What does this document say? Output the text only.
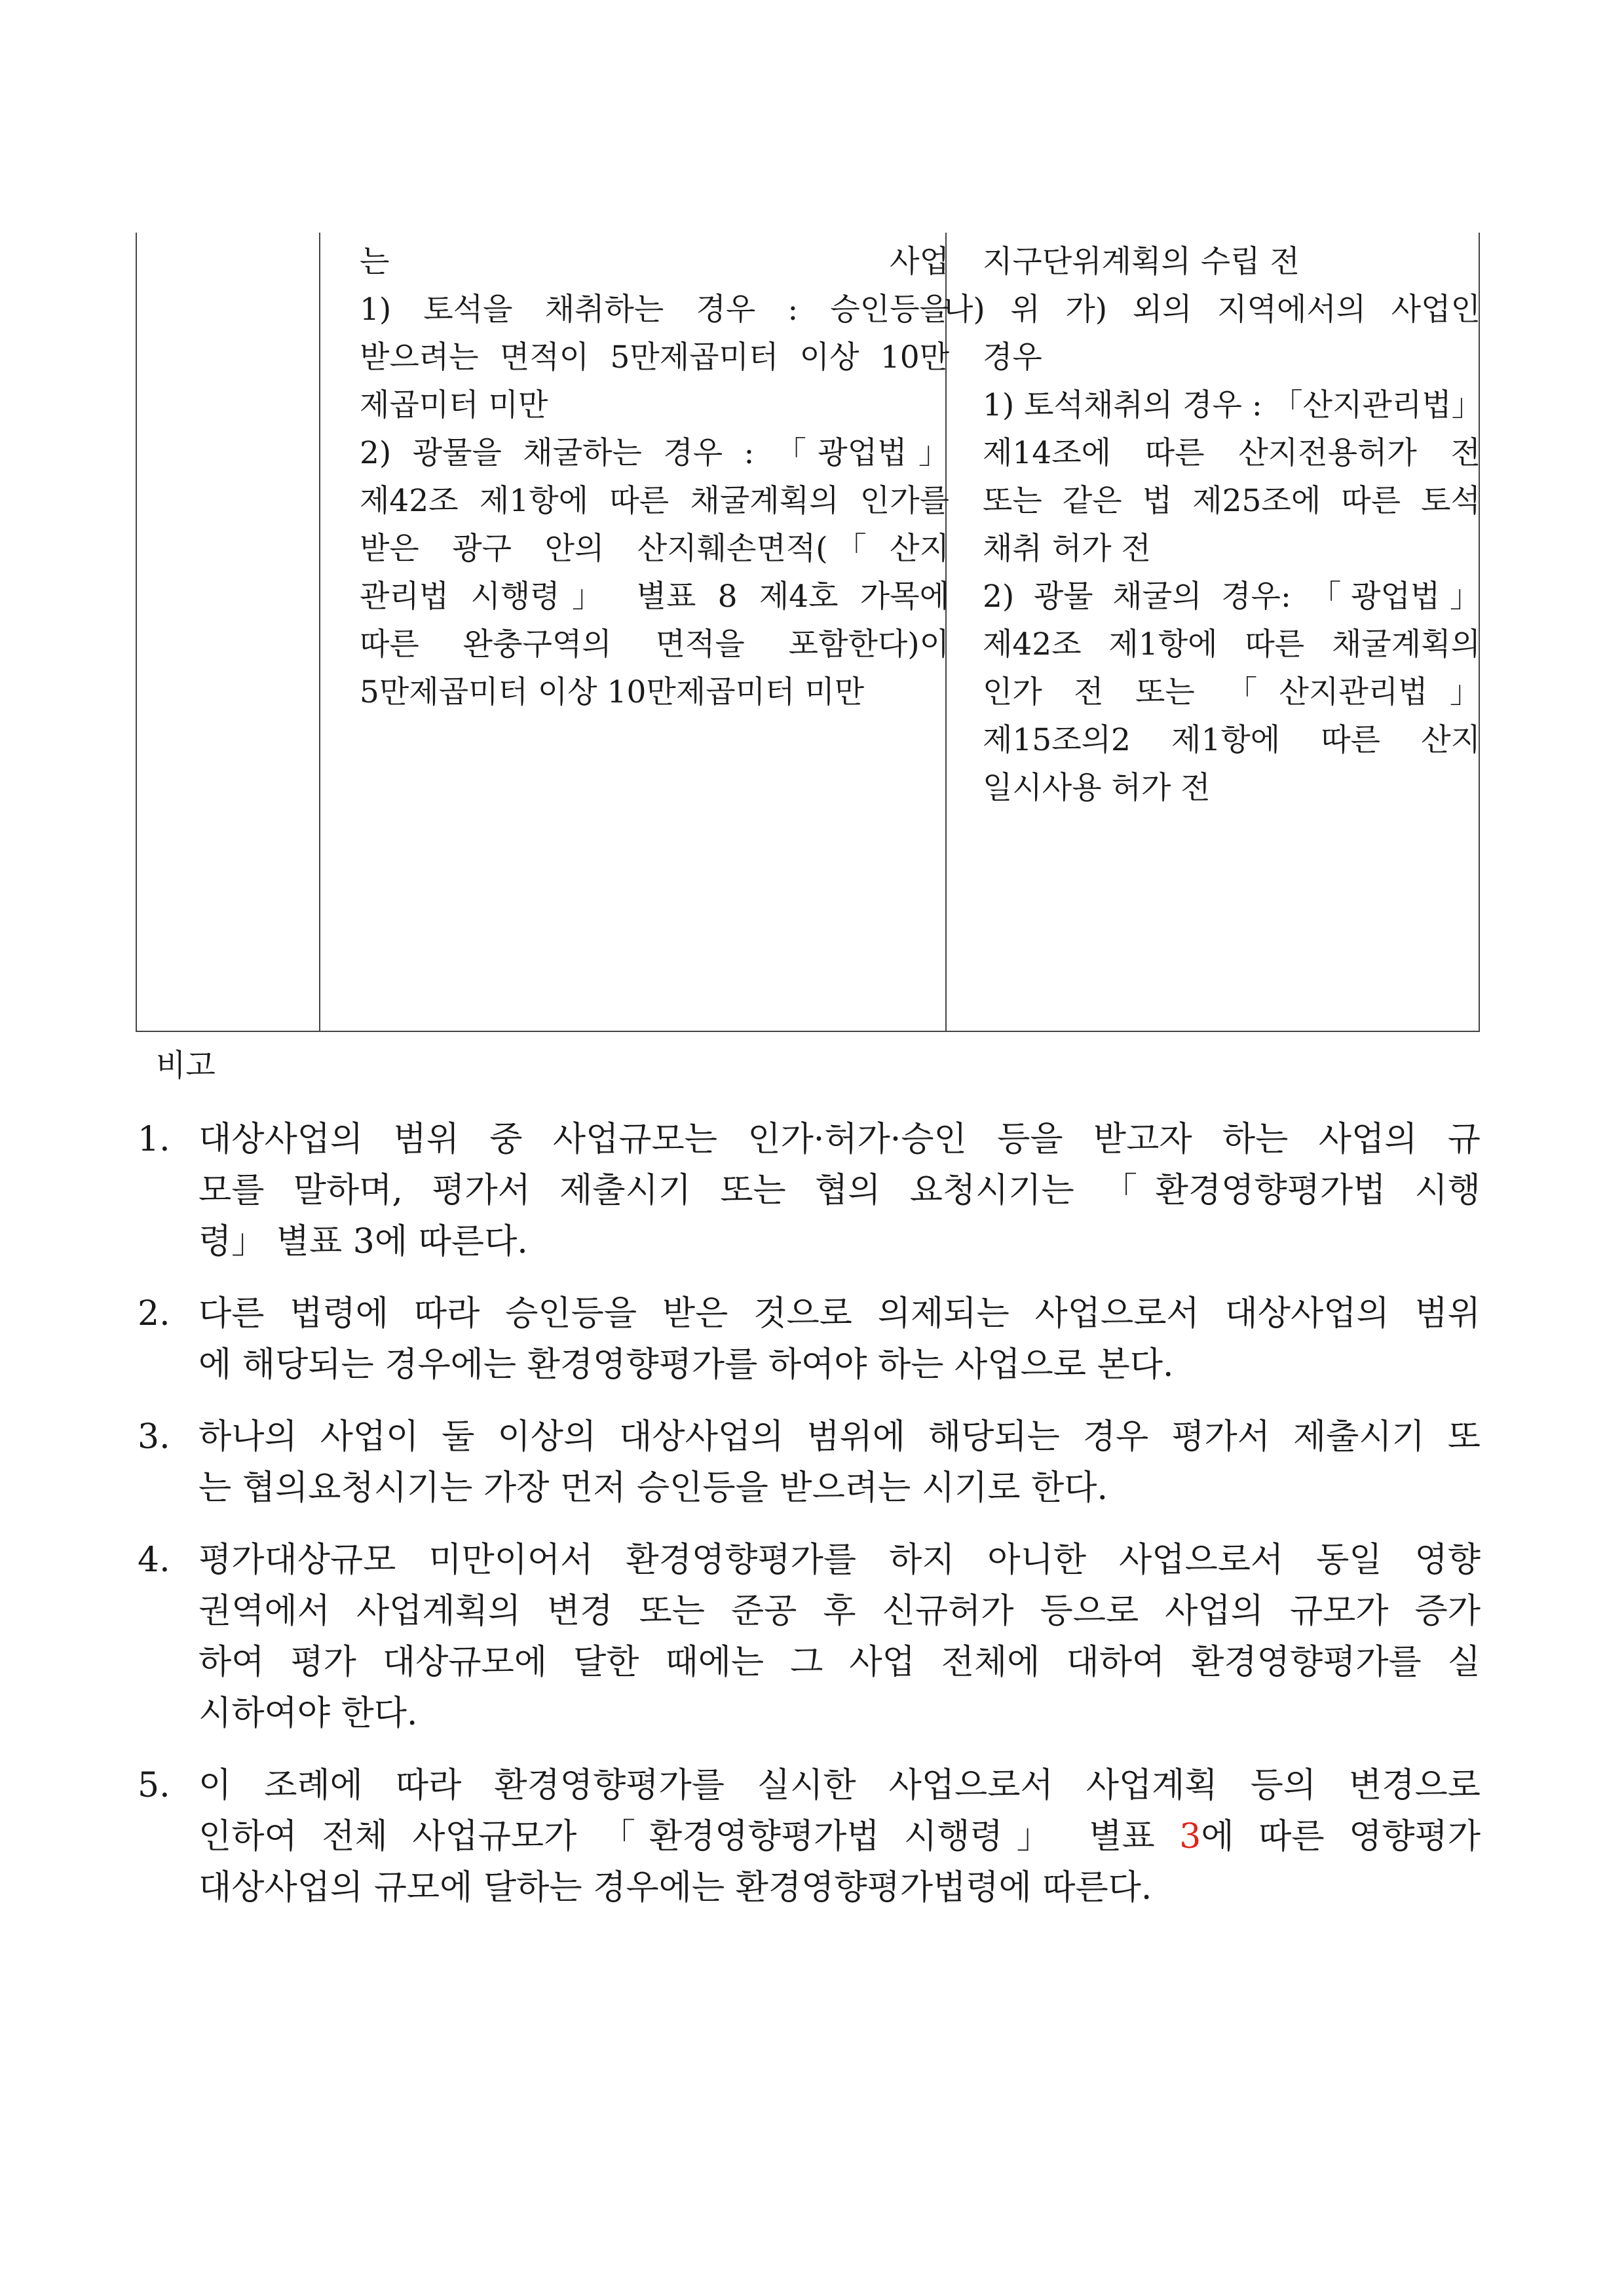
는 사업
1) 토석을 채취하는 경우 : 승인등을
받으려는 면적이 5만제곱미터 이상 10만
제곱미터 미만
2) 광물을 채굴하는 경우 : 「광업법」
제42조 제1항에 따른 채굴계획의 인가를
받은 광구 안의 산지훼손면적(「산지
관리법 시행령」 별표 8 제4호 가목에
따른 완충구역의 면적을 포함한다)이
5만제곱미터 이상 10만제곱미터 미만
지구단위계획의 수립 전
나) 위 가) 외의 지역에서의 사업인
경우
1) 토석채취의 경우 : 「산지관리법」
제14조에 따른 산지전용허가 전
또는 같은 법 제25조에 따른 토석
채취 허가 전
2) 광물 채굴의 경우: 「광업법」
제42조 제1항에 따른 채굴계획의
인가 전 또는 「산지관리법」
제15조의2 제1항에 따른 산지
일시사용 허가 전
비고
1. 대상사업의 범위 중 사업규모는 인가·허가·승인 등을 받고자 하는 사업의 규
모를 말하며, 평가서 제출시기 또는 협의 요청시기는 「환경영향평가법 시행
령」 별표 3에 따른다.
2. 다른 법령에 따라 승인등을 받은 것으로 의제되는 사업으로서 대상사업의 범위
에 해당되는 경우에는 환경영향평가를 하여야 하는 사업으로 본다.
3. 하나의 사업이 둘 이상의 대상사업의 범위에 해당되는 경우 평가서 제출시기 또
는 협의요청시기는 가장 먼저 승인등을 받으려는 시기로 한다.
4. 평가대상규모 미만이어서 환경영향평가를 하지 아니한 사업으로서 동일 영향
권역에서 사업계획의 변경 또는 준공 후 신규허가 등으로 사업의 규모가 증가
하여 평가 대상규모에 달한 때에는 그 사업 전체에 대하여 환경영향평가를 실
시하여야 한다.
5. 이 조례에 따라 환경영향평가를 실시한 사업으로서 사업계획 등의 변경으로
인하여 전체 사업규모가 「환경영향평가법 시행령」 별표 3에 따른 영향평가
대상사업의 규모에 달하는 경우에는 환경영향평가법령에 따른다.
